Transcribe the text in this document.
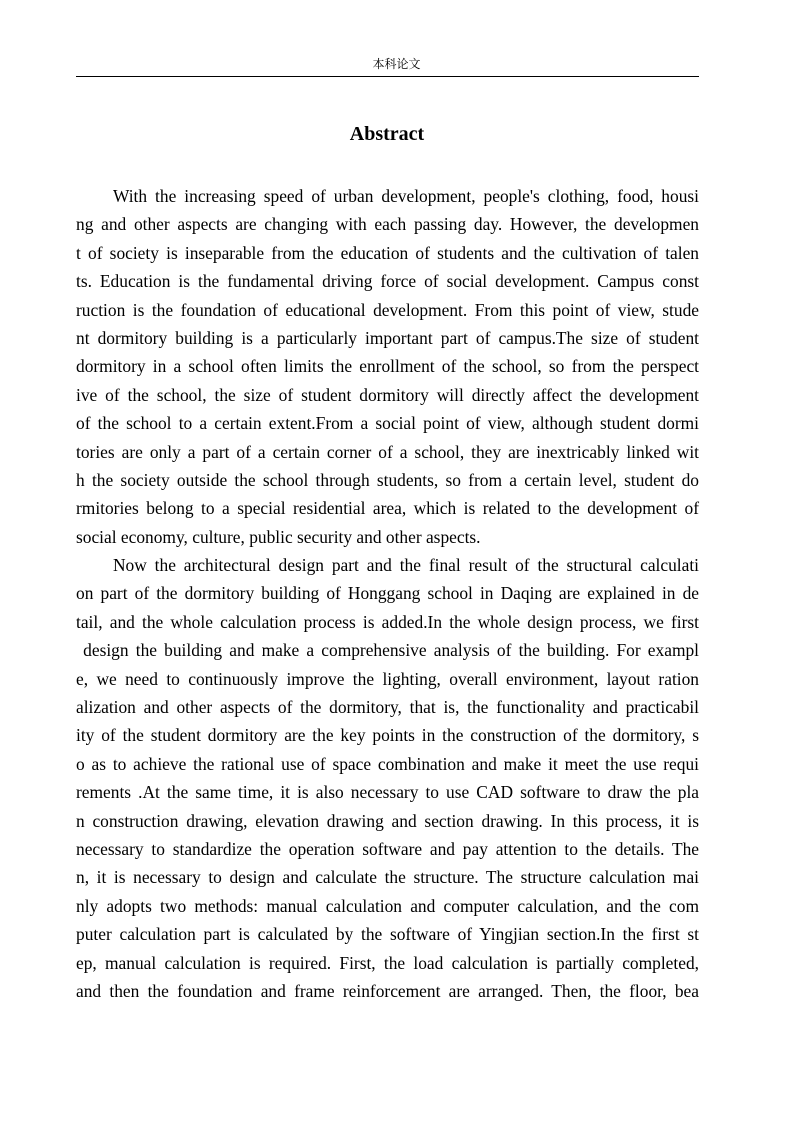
本科论文
Abstract
With the increasing speed of urban development, people's clothing, food, housi
ng and other aspects are changing with each passing day. However, the developmen
t of society is inseparable from the education of students and the cultivation of talen
ts. Education is the fundamental driving force of social development. Campus const
ruction is the foundation of educational development. From this point of view, stude
nt dormitory building is a particularly important part of campus.The size of student
dormitory in a school often limits the enrollment of the school, so from the perspect
ive of the school, the size of student dormitory will directly affect the development
of the school to a certain extent.From a social point of view, although student dormi
tories are only a part of a certain corner of a school, they are inextricably linked wit
h the society outside the school through students, so from a certain level, student do
rmitories belong to a special residential area, which is related to the development of
social economy, culture, public security and other aspects.
Now the architectural design part and the final result of the structural calculati
on part of the dormitory building of Honggang school in Daqing are explained in de
tail, and the whole calculation process is added.In the whole design process, we first
design the building and make a comprehensive analysis of the building. For exampl
e, we need to continuously improve the lighting, overall environment, layout ration
alization and other aspects of the dormitory, that is, the functionality and practicabil
ity of the student dormitory are the key points in the construction of the dormitory, s
o as to achieve the rational use of space combination and make it meet the use requi
rements .At the same time, it is also necessary to use CAD software to draw the pla
n construction drawing, elevation drawing and section drawing. In this process, it is
necessary to standardize the operation software and pay attention to the details. The
n, it is necessary to design and calculate the structure. The structure calculation mai
nly adopts two methods: manual calculation and computer calculation, and the com
puter calculation part is calculated by the software of Yingjian section.In the first st
ep, manual calculation is required. First, the load calculation is partially completed,
and then the foundation and frame reinforcement are arranged. Then, the floor, bea
